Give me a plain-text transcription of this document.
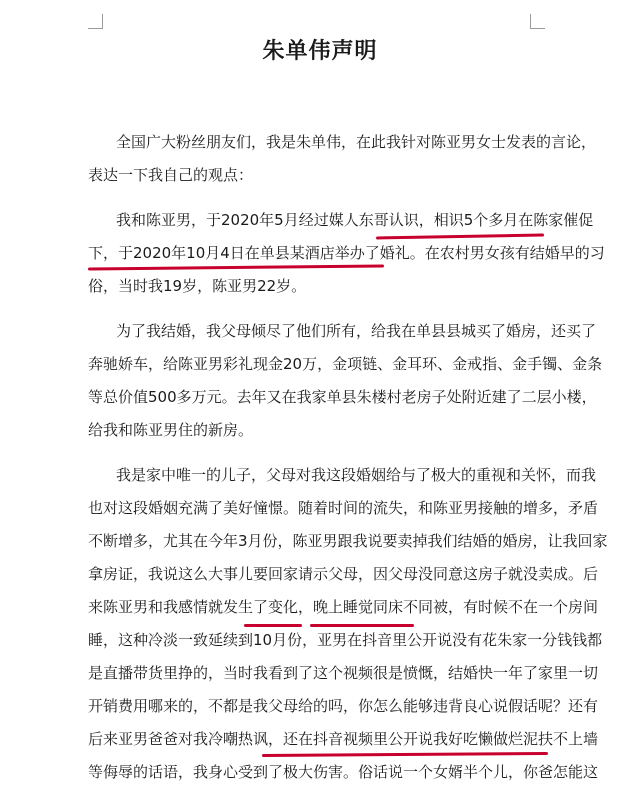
朱单伟声明
全国广大粉丝朋友们，我是朱单伟，在此我针对陈亚男女士发表的言论，
表达一下我自己的观点：
我和陈亚男，于2020年5月经过媒人东哥认识，相识5个多月在陈家催促
下，于2020年10月4日在单县某酒店举办了婚礼。在农村男女孩有结婚早的习
俗，当时我19岁，陈亚男22岁。
为了我结婚，我父母倾尽了他们所有，给我在单县县城买了婚房，还买了
奔驰娇车，给陈亚男彩礼现金20万，金项链、金耳环、金戒指、金手镯、金条
等总价值500多万元。去年又在我家单县朱楼村老房子处附近建了二层小楼，
给我和陈亚男住的新房。
我是家中唯一的儿子，父母对我这段婚姻给与了极大的重视和关怀，而我
也对这段婚姻充满了美好憧憬。随着时间的流失，和陈亚男接触的增多，矛盾
不断增多，尤其在今年3月份，陈亚男跟我说要卖掉我们结婚的婚房，让我回家
拿房证，我说这么大事儿要回家请示父母，因父母没同意这房子就没卖成。后
来陈亚男和我感情就发生了变化，晚上睡觉同床不同被，有时候不在一个房间
睡，这种冷淡一致延续到10月份，亚男在抖音里公开说没有花朱家一分钱钱都
是直播带货里挣的，当时我看到了这个视频很是愤慨，结婚快一年了家里一切
开销费用哪来的，不都是我父母给的吗，你怎么能够违背良心说假话呢？还有
后来亚男爸爸对我冷嘲热讽，还在抖音视频里公开说我好吃懒做烂泥扶不上墙
等侮辱的话语，我身心受到了极大伤害。俗话说一个女婿半个儿，你爸怎能这
